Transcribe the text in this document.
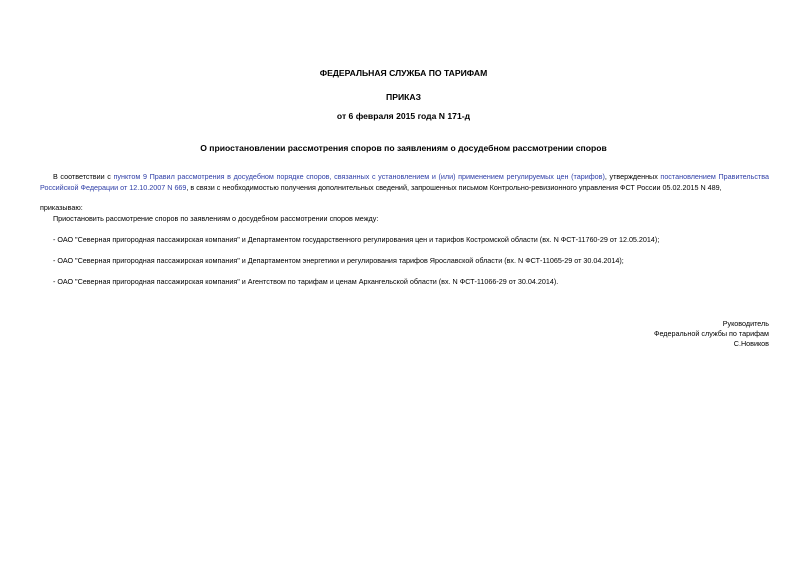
ФЕДЕРАЛЬНАЯ СЛУЖБА ПО ТАРИФАМ
ПРИКАЗ
от 6 февраля 2015 года N 171-д
О приостановлении рассмотрения споров по заявлениям о досудебном рассмотрении споров
В соответствии с пунктом 9 Правил рассмотрения в досудебном порядке споров, связанных с установлением и (или) применением регулируемых цен (тарифов), утвержденных постановлением Правительства Российской Федерации от 12.10.2007 N 669, в связи с необходимостью получения дополнительных сведений, запрошенных письмом Контрольно-ревизионного управления ФСТ России 05.02.2015 N 489,
приказываю:
Приостановить рассмотрение споров по заявлениям о досудебном рассмотрении споров между:
- ОАО "Северная пригородная пассажирская компания" и Департаментом государственного регулирования цен и тарифов Костромской области (вх. N ФСТ-11760-29 от 12.05.2014);
- ОАО "Северная пригородная пассажирская компания" и Департаментом энергетики и регулирования тарифов Ярославской области (вх. N ФСТ-11065-29 от 30.04.2014);
- ОАО "Северная пригородная пассажирская компания" и Агентством по тарифам и ценам Архангельской области (вх. N ФСТ-11066-29 от 30.04.2014).
Руководитель
Федеральной службы по тарифам
С.Новиков
